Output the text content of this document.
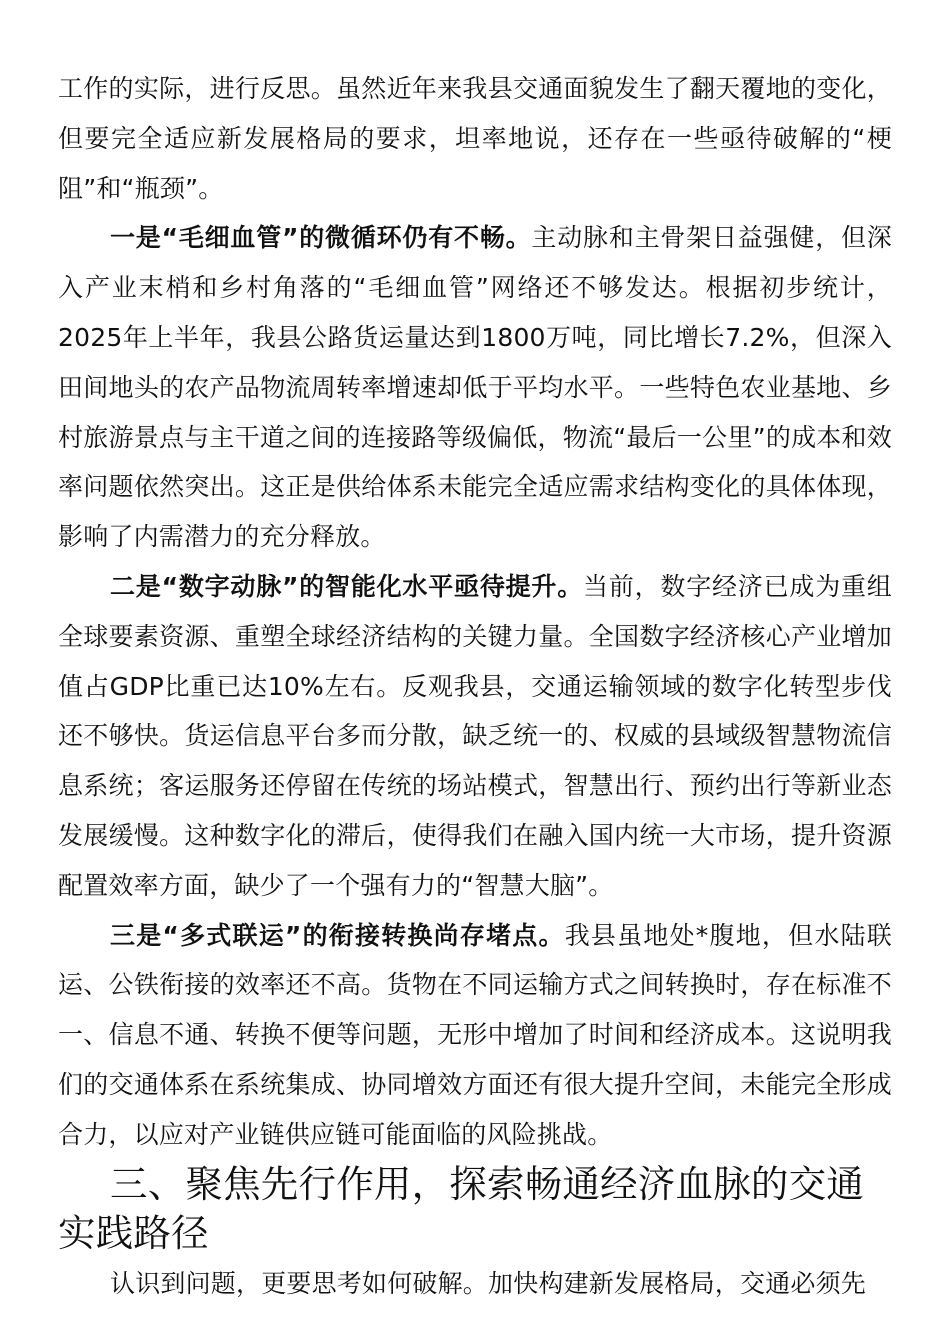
工作的实际，进行反思。虽然近年来我县交通面貌发生了翻天覆地的变化，但要完全适应新发展格局的要求，坦率地说，还存在一些亟待破解的“梗阻”和“瓶颈”。

一是“毛细血管”的微循环仍有不畅。主动脉和主骨架日益强健，但深入产业末梢和乡村角落的“毛细血管”网络还不够发达。根据初步统计，2025年上半年，我县公路货运量达到1800万吨，同比增长7.2%，但深入田间地头的农产品物流周转率增速却低于平均水平。一些特色农业基地、乡村旅游景点与主干道之间的连接路等级偏低，物流“最后一公里”的成本和效率问题依然突出。这正是供给体系未能完全适应需求结构变化的具体体现，影响了内需潜力的充分释放。

二是“数字动脉”的智能化水平亟待提升。当前，数字经济已成为重组全球要素资源、重塑全球经济结构的关键力量。全国数字经济核心产业增加值占GDP比重已达10%左右。反观我县，交通运输领域的数字化转型步伐还不够快。货运信息平台多而分散，缺乏统一的、权威的县域级智慧物流信息系统；客运服务还停留在传统的场站模式，智慧出行、预约出行等新业态发展缓慢。这种数字化的滞后，使得我们在融入国内统一大市场，提升资源配置效率方面，缺少了一个强有力的“智慧大脑”。

三是“多式联运”的衔接转换尚存堵点。我县虽地处*腹地，但水陆联运、公铁衔接的效率还不高。货物在不同运输方式之间转换时，存在标准不一、信息不通、转换不便等问题，无形中增加了时间和经济成本。这说明我们的交通体系在系统集成、协同增效方面还有很大提升空间，未能完全形成合力，以应对产业链供应链可能面临的风险挑战。

三、聚焦先行作用，探索畅通经济血脉的交通实践路径

认识到问题，更要思考如何破解。加快构建新发展格局，交通必须先
